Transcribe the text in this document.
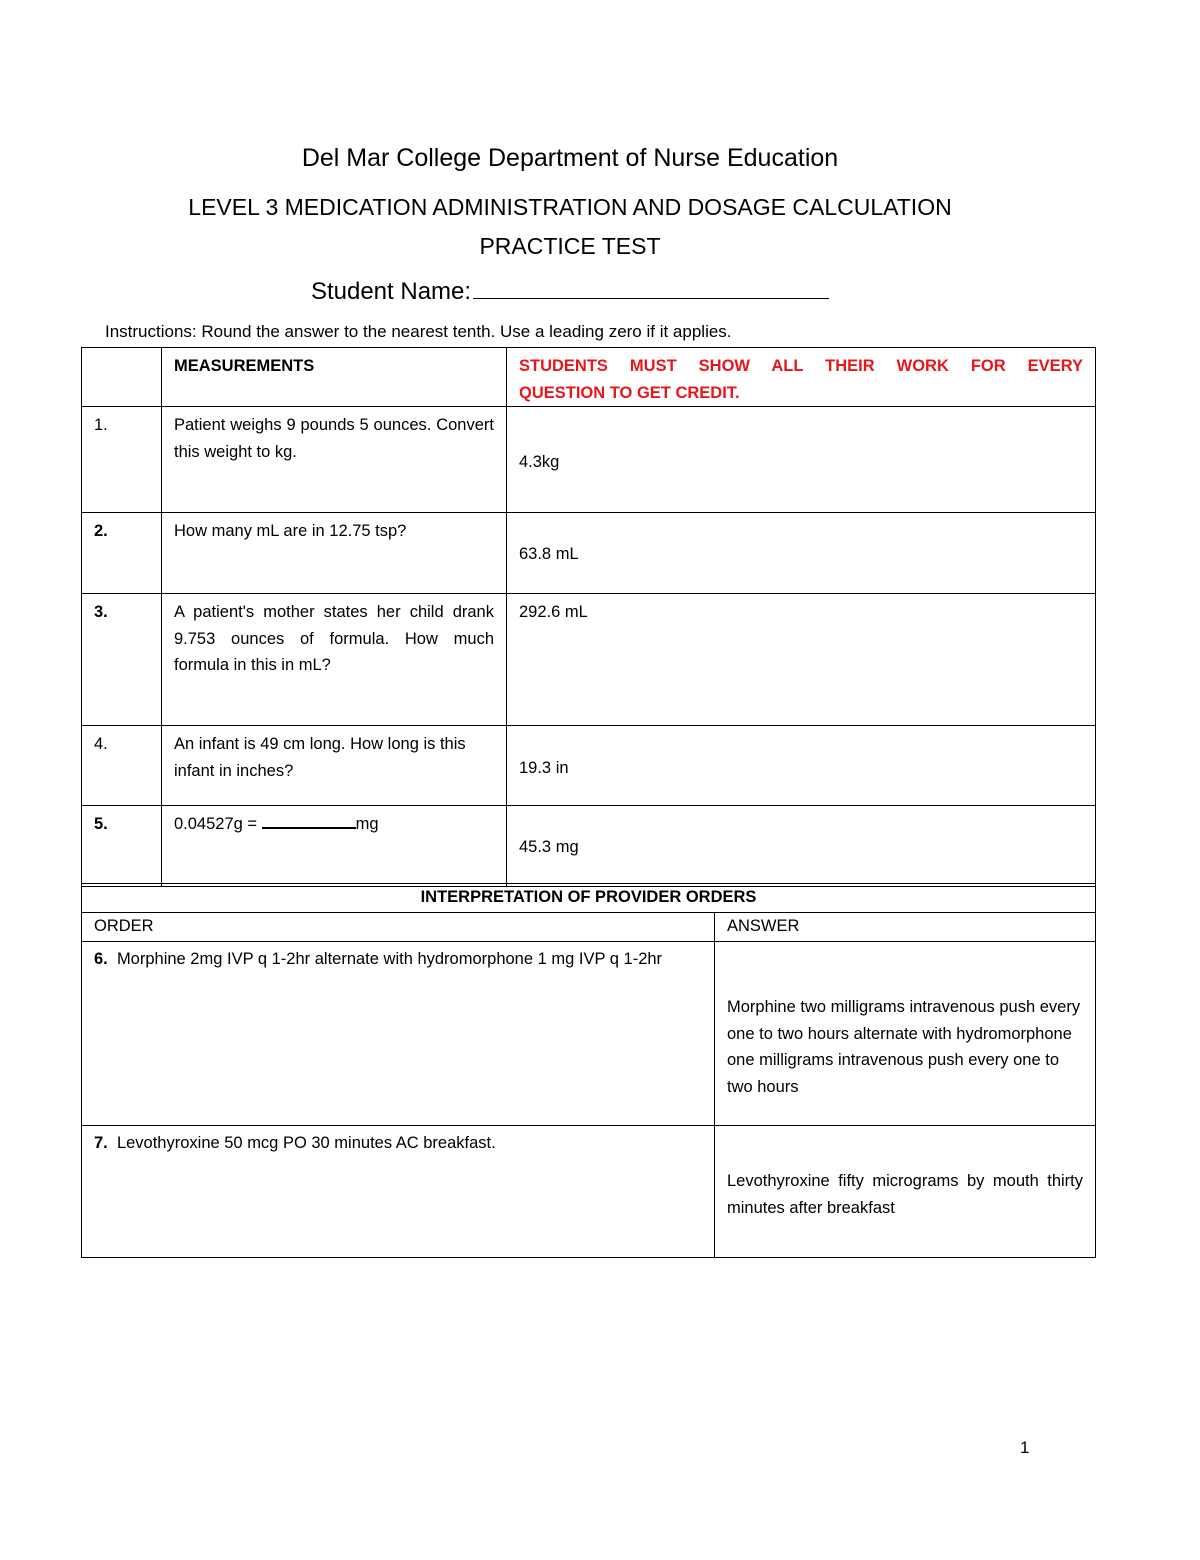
Del Mar College Department of Nurse Education
LEVEL 3 MEDICATION ADMINISTRATION AND DOSAGE CALCULATION
PRACTICE TEST
Student Name:
Instructions: Round the answer to the nearest tenth. Use a leading zero if it applies.
	MEASUREMENTS	STUDENTS MUST SHOW ALL THEIR WORK FOR EVERY
QUESTION TO GET CREDIT.

1.	Patient weighs 9 pounds 5 ounces. Convert this weight to kg.	4.3kg

2.	How many mL are in 12.75 tsp?	63.8 mL

3.	A patient's mother states her child drank 9.753 ounces of formula. How much formula in this in mL?	292.6 mL
4.	An infant is 49 cm long. How long is this infant in inches?	19.3 in

5.	0.04527g = mg	45.3 mg
INTERPRETATION OF PROVIDER ORDERS	
ORDER	ANSWER
6. Morphine 2mg IVP q 1-2hr alternate with hydromorphone 1 mg IVP q 1-2hr	Morphine two milligrams intravenous push every one to two hours alternate with hydromorphone one milligrams intravenous push every one to two hours

7. Levothyroxine 50 mcg PO 30 minutes AC breakfast.	Levothyroxine fifty micrograms by mouth thirty minutes after breakfast
1
